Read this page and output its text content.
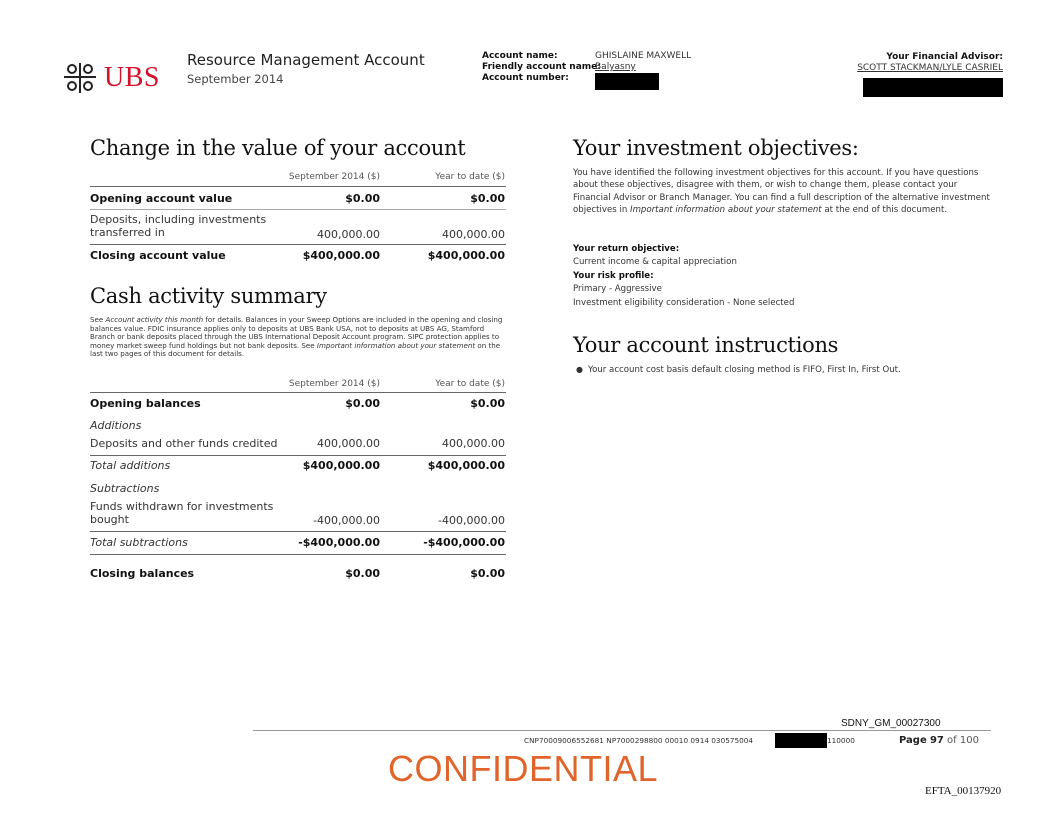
UBS
Resource Management Account
September 2014
Account name:	GHISLAINE MAXWELL
Friendly account name:
Balyasny
Account number:
Your Financial Advisor:
SCOTT STACKMAN/LYLE CASRIEL
Change in the value of your account
September 2014 ($)	Year to date ($)
Opening account value	$0.00	$0.00
Deposits, including investments transferred in	400,000.00	400,000.00
Closing account value	$400,000.00	$400,000.00
Cash activity summary
See Account activity this month for details. Balances in your Sweep Options are included in the opening and closing balances value. FDIC insurance applies only to deposits at UBS Bank USA, not to deposits at UBS AG, Stamford Branch or bank deposits placed through the UBS International Deposit Account program. SIPC protection applies to money market sweep fund holdings but not bank deposits. See Important information about your statement on the last two pages of this document for details.
September 2014 ($)	Year to date ($)
Opening balances	$0.00	$0.00
Additions
Deposits and other funds credited	400,000.00	400,000.00
Total additions	$400,000.00	$400,000.00
Subtractions
Funds withdrawn for investments bought	-400,000.00	-400,000.00
Total subtractions	-$400,000.00	-$400,000.00
Closing balances	$0.00	$0.00
Your investment objectives:
You have identified the following investment objectives for this account. If you have questions about these objectives, disagree with them, or wish to change them, please contact your Financial Advisor or Branch Manager. You can find a full description of the alternative investment objectives in Important information about your statement at the end of this document.
Your return objective:
Current income & capital appreciation
Your risk profile:
Primary - Aggressive
Investment eligibility consideration - None selected
Your account instructions
● Your account cost basis default closing method is FIFO, First In, First Out.
SDNY_GM_00027300
CNP70009006552681 NP7000298800 00010 0914 030575004	110000	Page 97 of 100
CONFIDENTIAL
EFTA_00137920
